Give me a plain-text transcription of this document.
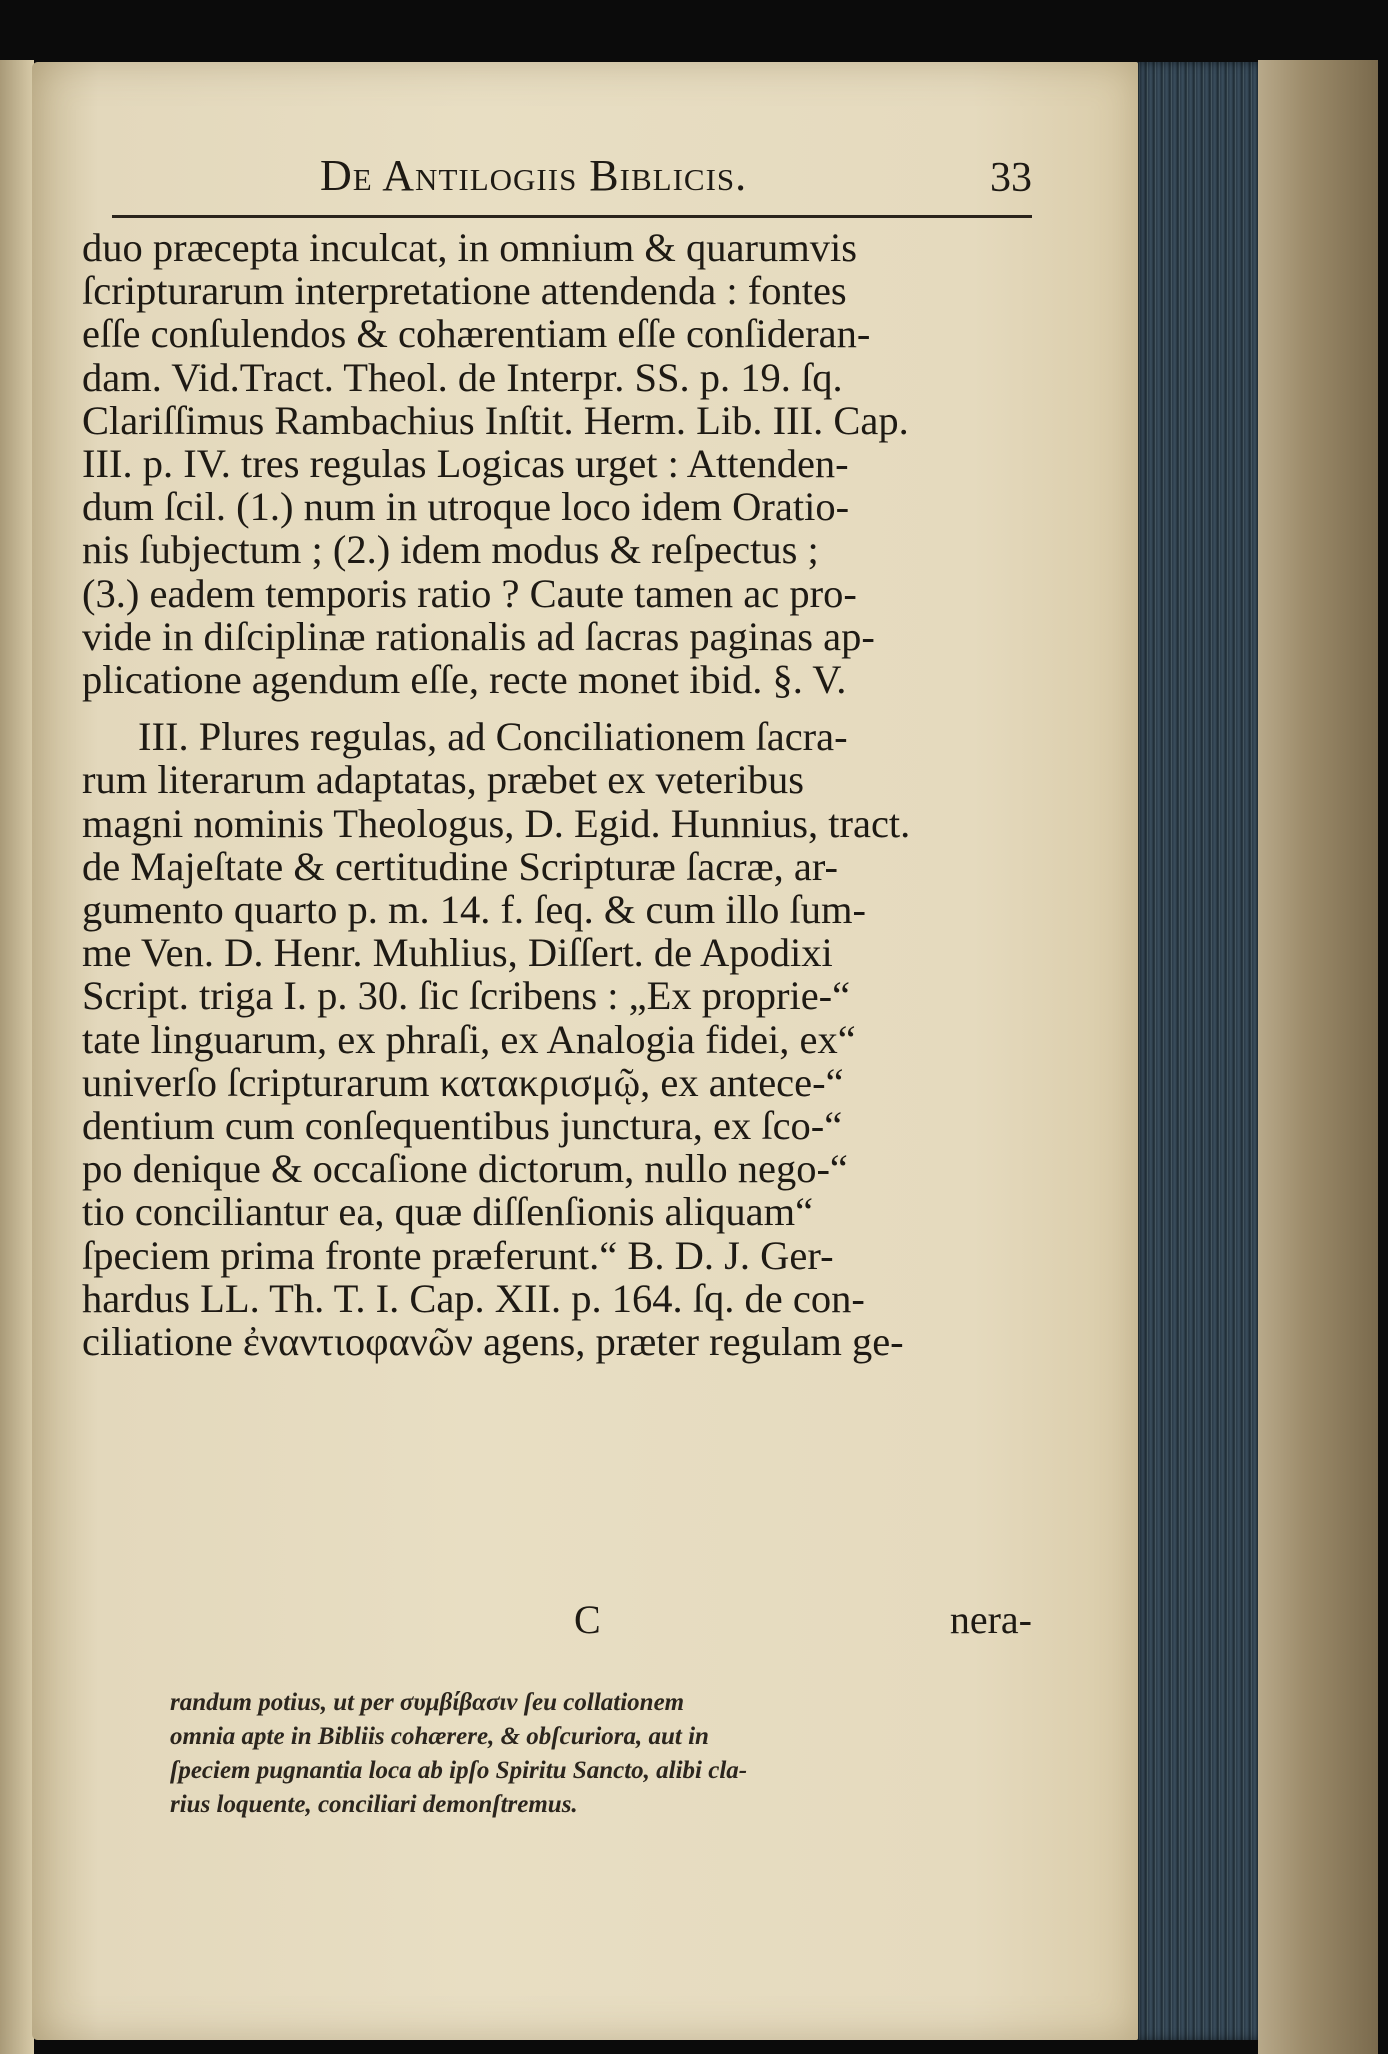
De Antilogiis Biblicis.	33
duo præcepta inculcat, in omnium & quarumvis
ſcripturarum interpretatione attendenda : fontes
eſſe conſulendos & cohærentiam eſſe conſideran-
dam. Vid.Tract. Theol. de Interpr. SS. p. 19. ſq.
Clariſſimus Rambachius Inſtit. Herm. Lib. III. Cap.
III. p. IV. tres regulas Logicas urget : Attenden-
dum ſcil. (1.) num in utroque loco idem Oratio-
nis ſubjectum ; (2.) idem modus & reſpectus ;
(3.) eadem temporis ratio ? Caute tamen ac pro-
vide in diſciplinæ rationalis ad ſacras paginas ap-
plicatione agendum eſſe, recte monet ibid. §. V.
III. Plures regulas, ad Conciliationem ſacra-
rum literarum adaptatas, præbet ex veteribus
magni nominis Theologus, D. Egid. Hunnius, tract.
de Majeſtate & certitudine Scripturæ ſacræ, ar-
gumento quarto p. m. 14. f. ſeq. & cum illo ſum-
me Ven. D. Henr. Muhlius, Diſſert. de Apodixi
Script. triga I. p. 30. ſic ſcribens : „Ex proprie-“
tate linguarum, ex phraſi, ex Analogia fidei, ex“
univerſo ſcripturarum κατακρισμῷ, ex antece-“
dentium cum conſequentibus junctura, ex ſco-“
po denique & occaſione dictorum, nullo nego-“
tio conciliantur ea, quæ diſſenſionis aliquam“
ſpeciem prima fronte præferunt.“ B. D. J. Ger-
hardus LL. Th. T. I. Cap. XII. p. 164. ſq. de con-
ciliatione ἐναντιοφανῶν agens, præter regulam ge-
C	nera-
randum potius, ut per συμβίβασιν ſeu collationem
omnia apte in Bibliis cohærere, & obſcuriora, aut in
ſpeciem pugnantia loca ab ipſo Spiritu Sancto, alibi cla-
rius loquente, conciliari demonſtremus.
